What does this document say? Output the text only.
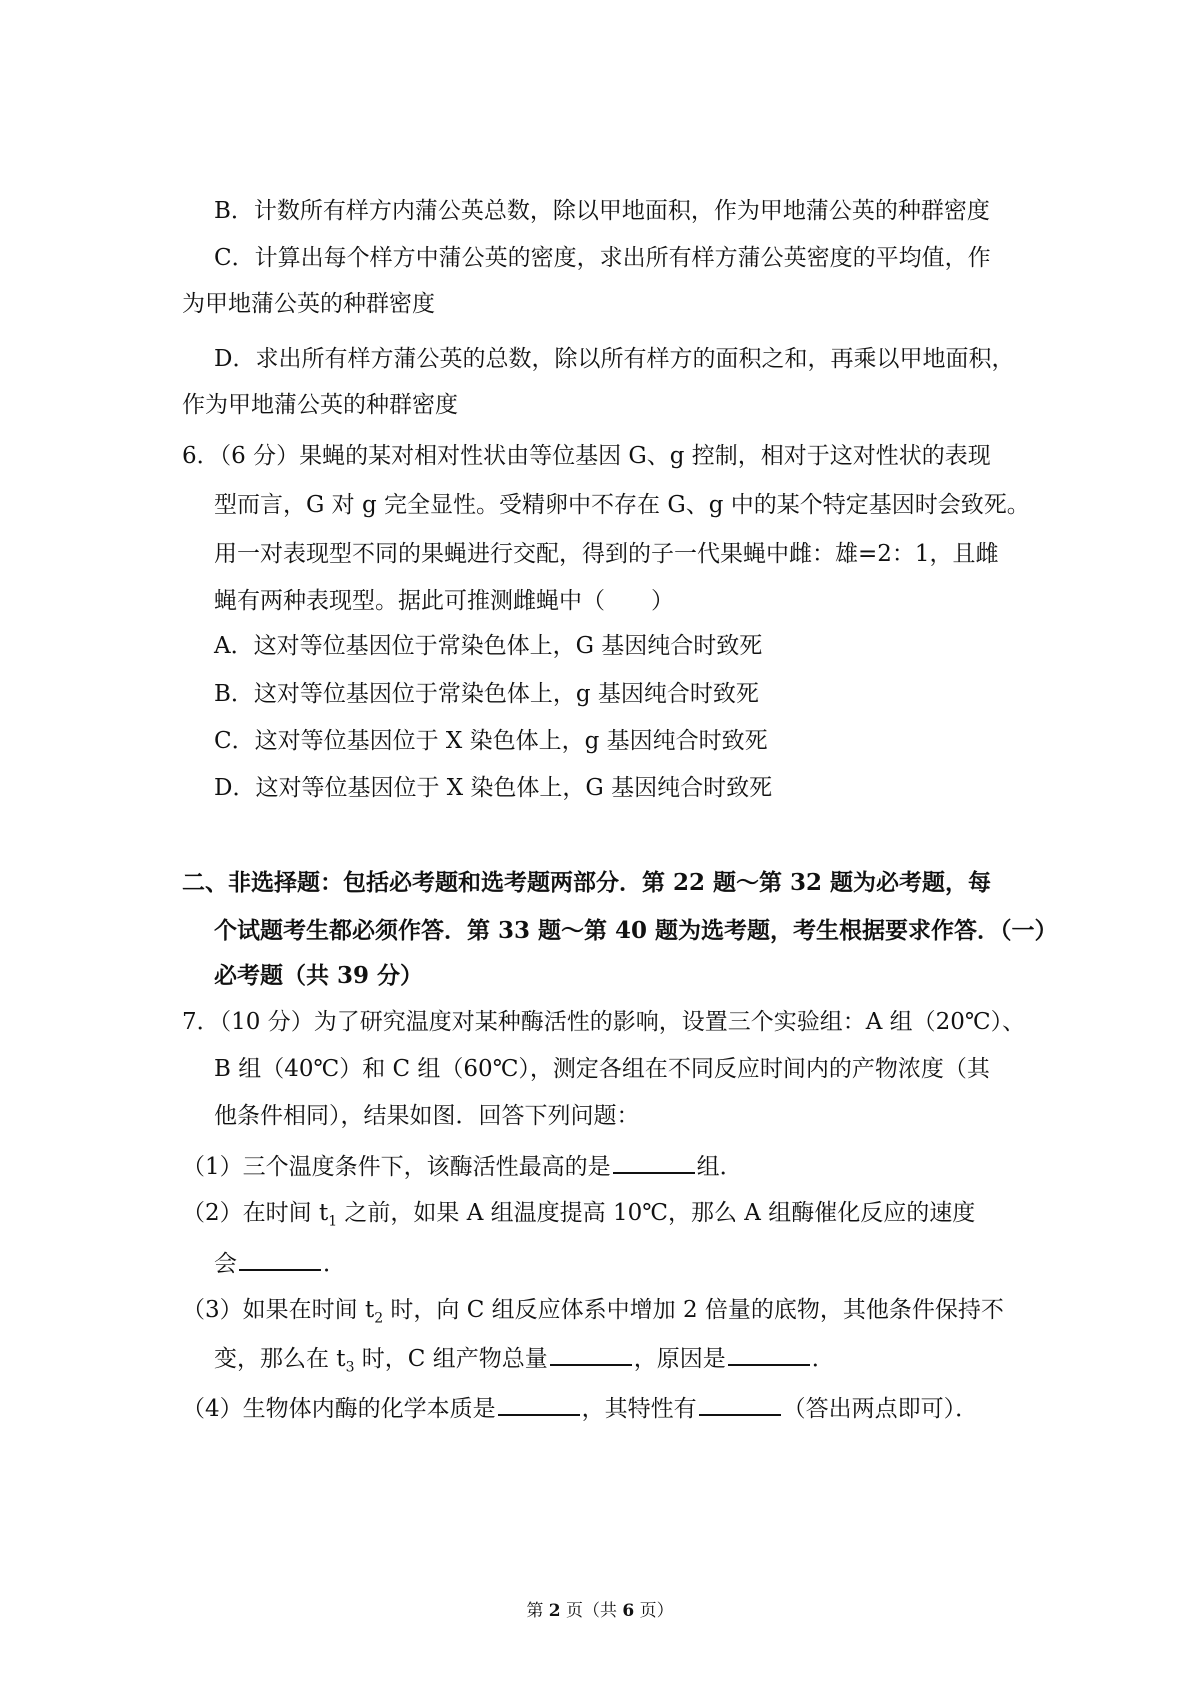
B．计数所有样方内蒲公英总数，除以甲地面积，作为甲地蒲公英的种群密度
C．计算出每个样方中蒲公英的密度，求出所有样方蒲公英密度的平均值，作
为甲地蒲公英的种群密度
D．求出所有样方蒲公英的总数，除以所有样方的面积之和，再乘以甲地面积，
作为甲地蒲公英的种群密度
6．（6 分）果蝇的某对相对性状由等位基因 G、g 控制，相对于这对性状的表现
型而言，G 对 g 完全显性。受精卵中不存在 G、g 中的某个特定基因时会致死。
用一对表现型不同的果蝇进行交配，得到的子一代果蝇中雌：雄=2：1，且雌
蝇有两种表现型。据此可推测雌蝇中（　　）
A．这对等位基因位于常染色体上，G 基因纯合时致死
B．这对等位基因位于常染色体上，g 基因纯合时致死
C．这对等位基因位于 X 染色体上，g 基因纯合时致死
D．这对等位基因位于 X 染色体上，G 基因纯合时致死
二、非选择题：包括必考题和选考题两部分．第 22 题～第 32 题为必考题，每
个试题考生都必须作答．第 33 题～第 40 题为选考题，考生根据要求作答．（一）
必考题（共 39 分）
7．（10 分）为了研究温度对某种酶活性的影响，设置三个实验组：A 组（20℃）、
B 组（40℃）和 C 组（60℃），测定各组在不同反应时间内的产物浓度（其
他条件相同），结果如图．回答下列问题：
（1）三个温度条件下，该酶活性最高的是	组．
（2）在时间 $t_1$ 之前，如果 A 组温度提高 10℃，那么 A 组酶催化反应的速度
会	．
（3）如果在时间 $t_2$ 时，向 C 组反应体系中增加 2 倍量的底物，其他条件保持不
变，那么在 $t_3$ 时，C 组产物总量	，原因是	．
（4）生物体内酶的化学本质是	，其特性有	（答出两点即可）．
第 2 页（共 6 页）
